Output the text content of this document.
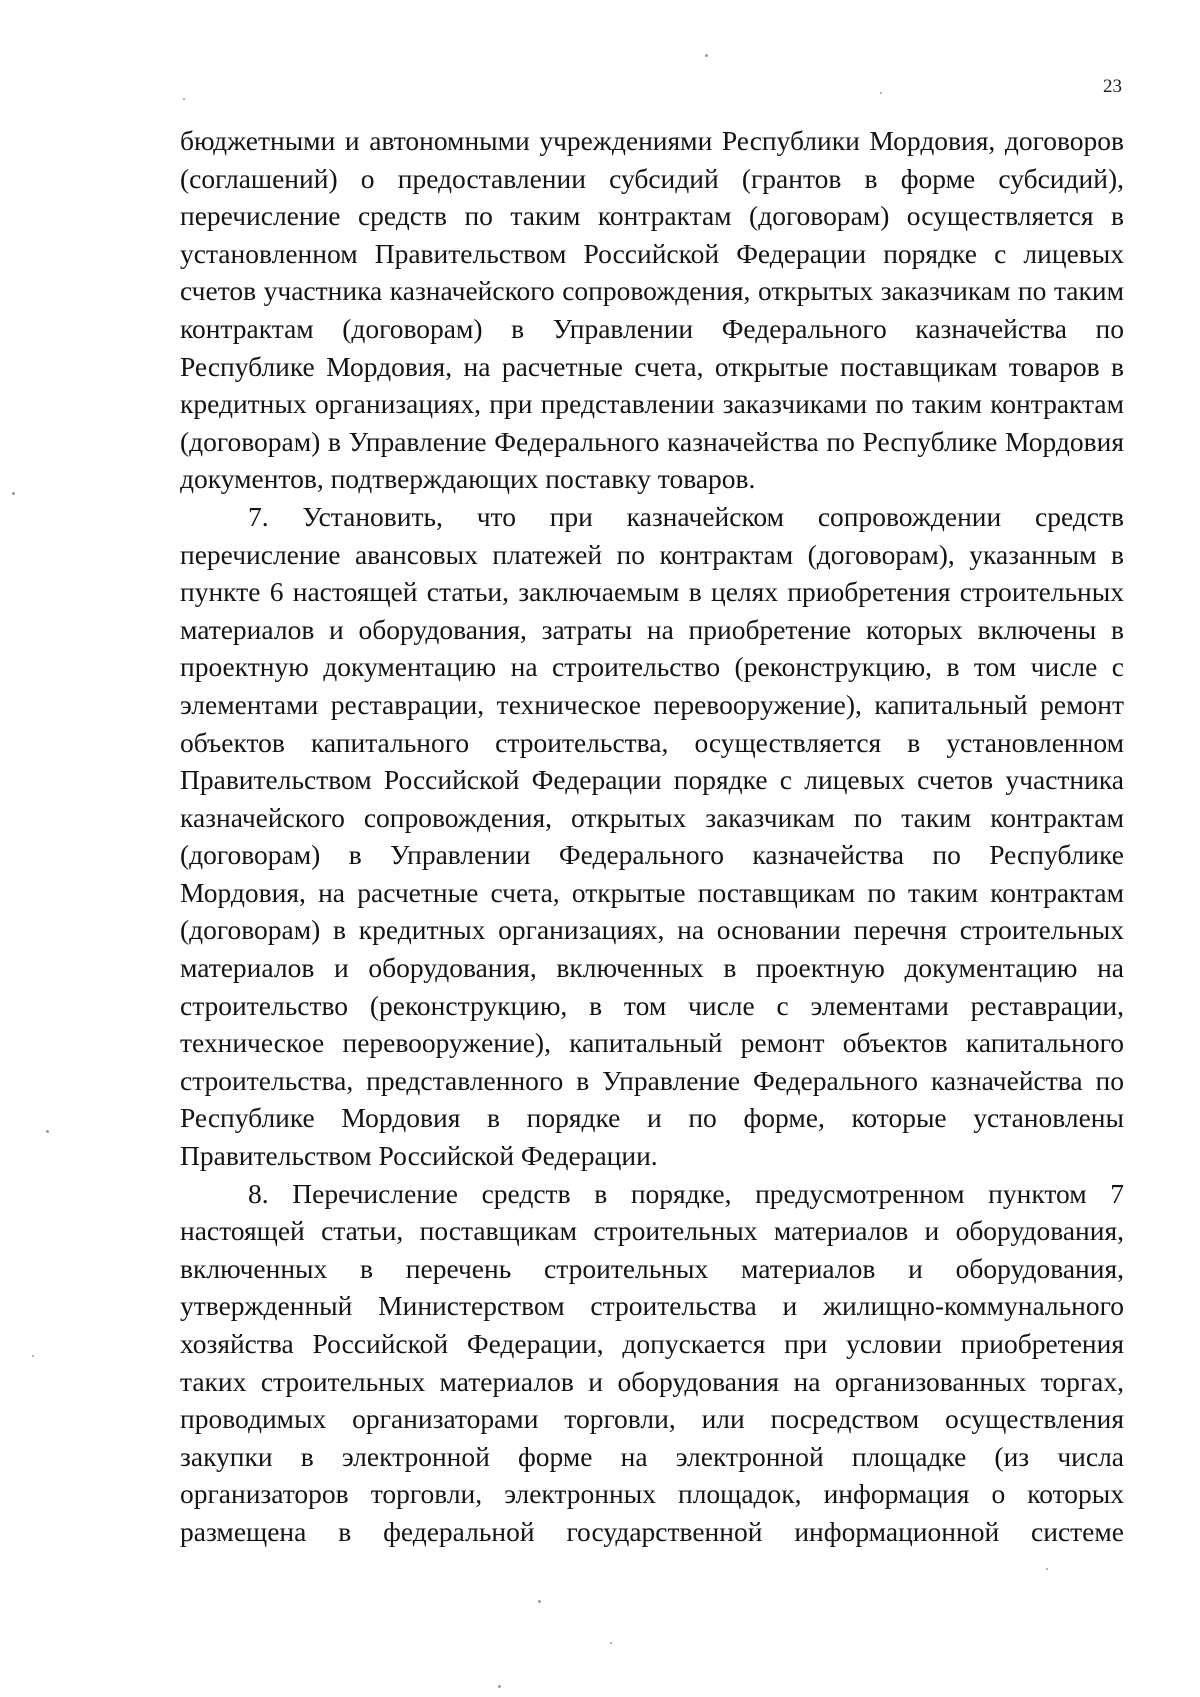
23

бюджетными и автономными учреждениями Республики Мордовия, договоров (соглашений) о предоставлении субсидий (грантов в форме субсидий), перечисление средств по таким контрактам (договорам) осуществляется в установленном Правительством Российской Федерации порядке с лицевых счетов участника казначейского сопровождения, открытых заказчикам по таким контрактам (договорам) в Управлении Федерального казначейства по Республике Мордовия, на расчетные счета, открытые поставщикам товаров в кредитных организациях, при представлении заказчиками по таким контрактам (договорам) в Управление Федерального казначейства по Республике Мордовия документов, подтверждающих поставку товаров.

7. Установить, что при казначейском сопровождении средств перечисление авансовых платежей по контрактам (договорам), указанным в пункте 6 настоящей статьи, заключаемым в целях приобретения строительных материалов и оборудования, затраты на приобретение которых включены в проектную документацию на строительство (реконструкцию, в том числе с элементами реставрации, техническое перевооружение), капитальный ремонт объектов капитального строительства, осуществляется в установленном Правительством Российской Федерации порядке с лицевых счетов участника казначейского сопровождения, открытых заказчикам по таким контрактам (договорам) в Управлении Федерального казначейства по Республике Мордовия, на расчетные счета, открытые поставщикам по таким контрактам (договорам) в кредитных организациях, на основании перечня строительных материалов и оборудования, включенных в проектную документацию на строительство (реконструкцию, в том числе с элементами реставрации, техническое перевооружение), капитальный ремонт объектов капитального строительства, представленного в Управление Федерального казначейства по Республике Мордовия в порядке и по форме, которые установлены Правительством Российской Федерации.

8. Перечисление средств в порядке, предусмотренном пунктом 7 настоящей статьи, поставщикам строительных материалов и оборудования, включенных в перечень строительных материалов и оборудования, утвержденный Министерством строительства и жилищно-коммунального хозяйства Российской Федерации, допускается при условии приобретения таких строительных материалов и оборудования на организованных торгах, проводимых организаторами торговли, или посредством осуществления закупки в электронной форме на электронной площадке (из числа организаторов торговли, электронных площадок, информация о которых размещена в федеральной государственной информационной системе
